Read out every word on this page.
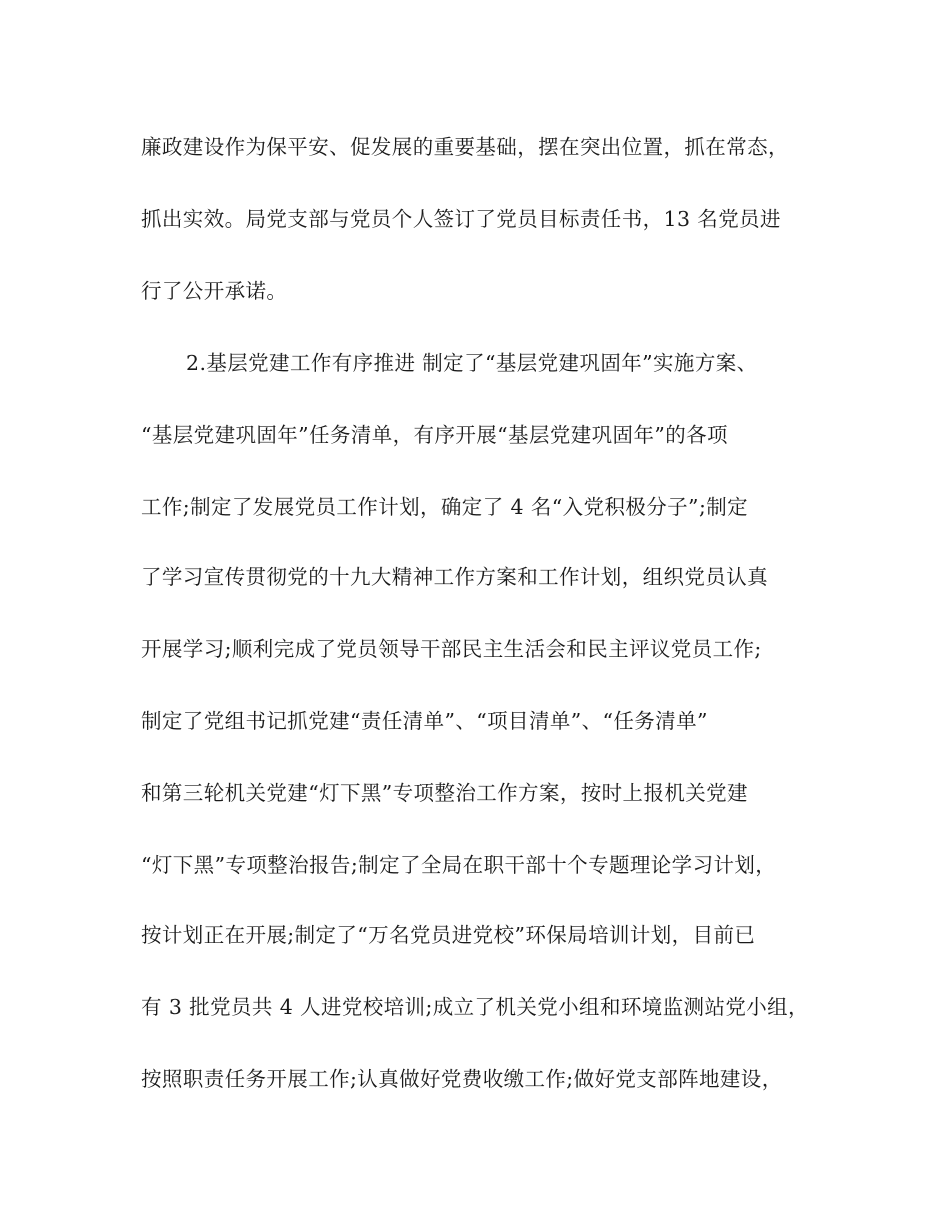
廉政建设作为保平安、促发展的重要基础，摆在突出位置，抓在常态，
抓出实效。局党支部与党员个人签订了党员目标责任书，13 名党员进
行了公开承诺。
2.基层党建工作有序推进 制定了“基层党建巩固年”实施方案、
“基层党建巩固年”任务清单，有序开展“基层党建巩固年”的各项
工作;制定了发展党员工作计划，确定了 4 名“入党积极分子”;制定
了学习宣传贯彻党的十九大精神工作方案和工作计划，组织党员认真
开展学习;顺利完成了党员领导干部民主生活会和民主评议党员工作;
制定了党组书记抓党建“责任清单”、“项目清单”、“任务清单”
和第三轮机关党建“灯下黑”专项整治工作方案，按时上报机关党建
“灯下黑”专项整治报告;制定了全局在职干部十个专题理论学习计划，
按计划正在开展;制定了“万名党员进党校”环保局培训计划，目前已
有 3 批党员共 4 人进党校培训;成立了机关党小组和环境监测站党小组，
按照职责任务开展工作;认真做好党费收缴工作;做好党支部阵地建设，
